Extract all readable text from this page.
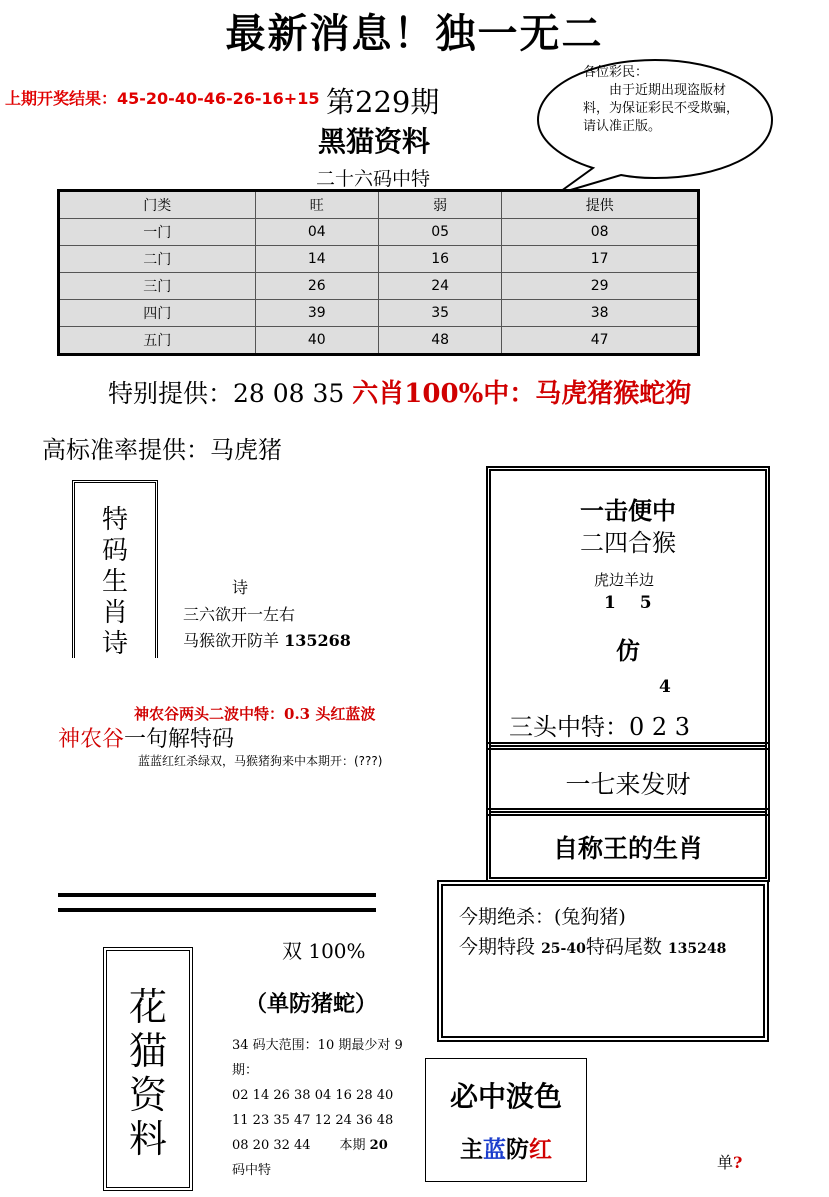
最新消息！独一无二
上期开奖结果：45-20-40-46-26-16+15 第229期
黑猫资料
二十六码中特
各位彩民：
由于近期出现盗版材料，为保证彩民不受欺骗，请认准正版。
门类	旺	弱	提供
一门	04	05	08
二门	14	16	17
三门	26	24	29
四门	39	35	38
五门	40	48	47
特别提供：28 08 35 六肖100%中：马虎猪猴蛇狗
高标准率提供：马虎猪
特
码
生
肖
诗
诗
三六欲开一左右
马猴欲开防羊 135268
一击便中
二四合猴
虎边羊边
1 5
仿
4
三头中特：0 2 3
一七来发财
自称王的生肖
神农谷两头二波中特：0.3 头红蓝波
神农谷一句解特码
蓝蓝红红杀绿双，马猴猪狗来中本期开：(???)
今期绝杀：(兔狗猪)
今期特段 25-40特码尾数 135248
双 100%
（单防猪蛇）
花
猫
资
料
34 码大范围：10 期最少对 9 期：
02 14 26 38 04 16 28 40
11 23 35 47 12 24 36 48
08 20 32 44 本期 20
码中特
必中波色
主蓝防红	单?
